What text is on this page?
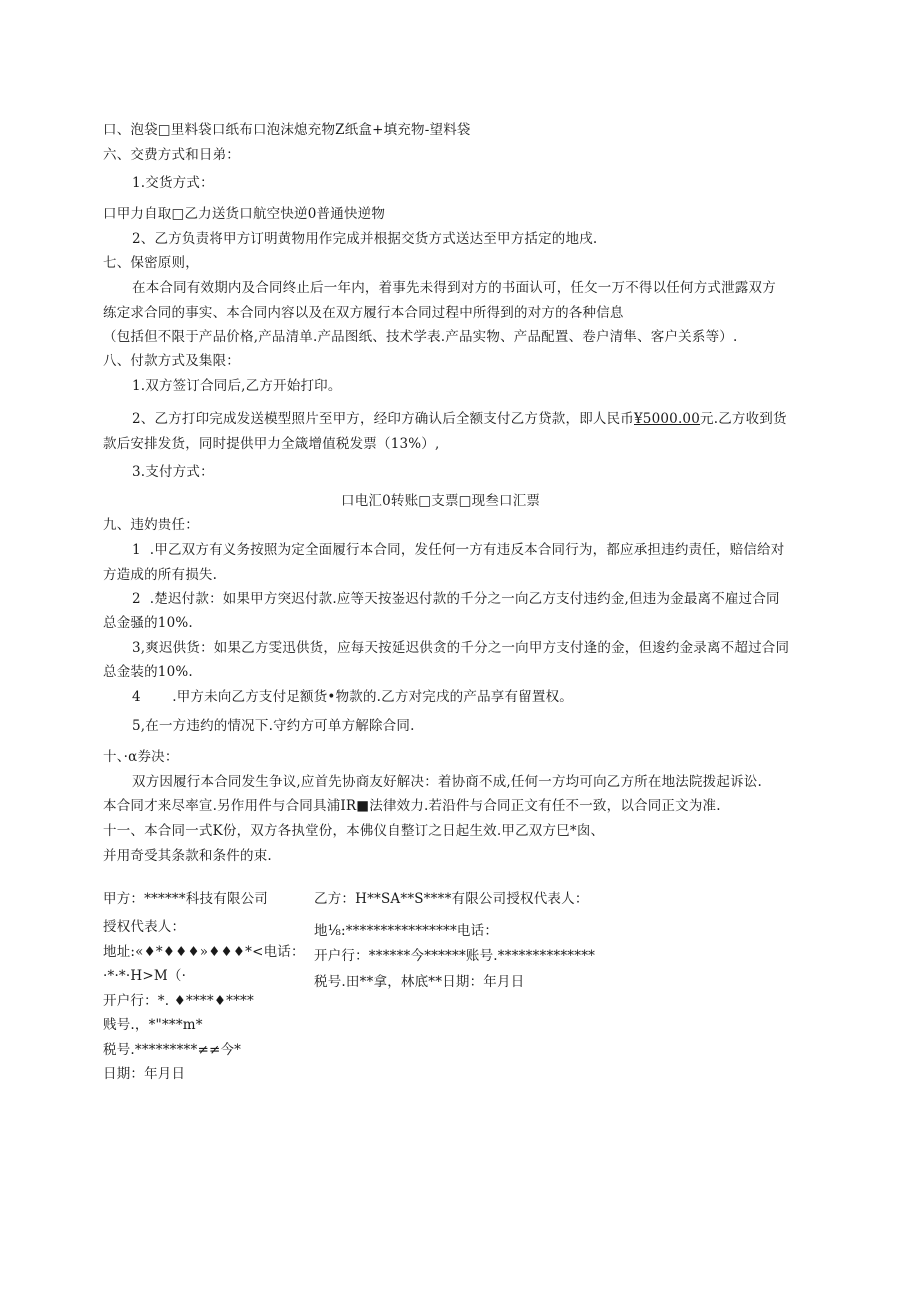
口、泡袋□里料袋口纸布口泡沫熄充物Z纸盒+填充物-望料袋
六、交费方式和日弟：
1.交货方式：
口甲力自取□乙力送货口航空快逆0普通快逆物
2、乙方负责将甲方订明黄物用作完成并根据交货方式送达至甲方括定的地戌.
七、保密原则，
在本合同有效期内及合同终止后一年内，着事先未得到对方的书面认可，任攵一万不得以任何方式泄露双方
练定求合同的事实、本合同内容以及在双方履行本合同过程中所得到的对方的各种信息
（包括但不限于产品价格,产品清单.产品图纸、技术学表.产品实物、产品配置、卷户清隼、客户关系等）.
八、付款方式及集限：
1.双方签订合同后,乙方开始打印。
2、乙方打印完成发送模型照片至甲方，经印方确认后全额支付乙方贷款，即人民币¥5000.00元.乙方收到货
款后安排发货，同时提供甲力全箴增值税发票（13%）,
3.支付方式：
口电汇0转账□支票□现叁口汇票
九、违妁贵任：
1  .甲乙双方有义务按照为定全面履行本合同，发任何一方有违反本合同行为，都应承担违约责任，赔信给对
方造成的所有损失.
2  .楚迟付款：如果甲方突迟付款.应等天按崟迟付款的千分之一向乙方支付违约金,但违为金最离不雇过合同
总金骚的10%.
3,爽迟供货：如果乙方雯迅供货，应每天按延迟供贪的千分之一向甲方支付逢的金，但逡约金录离不超过合同
总金装的10%.
4       .甲方未向乙方支付足额货•物款的.乙方对完戌的产品享有留置权。
5,在一方违约的情况下.守约方可单方解除合同.
十、·α券决：
双方因履行本合同发生争议,应首先协商友好解决：着协商不成,任何一方均可向乙方所在地法院拨起诉讼.
本合同才来尽率宣.另作用件与合同具浦IR■法律效力.若沿件与合同正文有任不一致，以合同正文为准.
十一、本合同一式K份，双方各执堂份，本佛仪自整订之日起生效.甲乙双方巳*囱、
并用奇受其条款和条件的束.
甲方：******科技有限公司
授权代表人：
地址:«♦*♦♦♦»♦♦♦*<电话：
·*·*·H>M（·
开户行：*. ♦****♦****
贱号.，*"***m*
税号.*********≠≠今*
日期：年月日
乙方：H**SA**S****有限公司授权代表人：
地⅛:****************电话：
开户行：******今******账号.**************
税号.田**拿，林底**日期：年月日
